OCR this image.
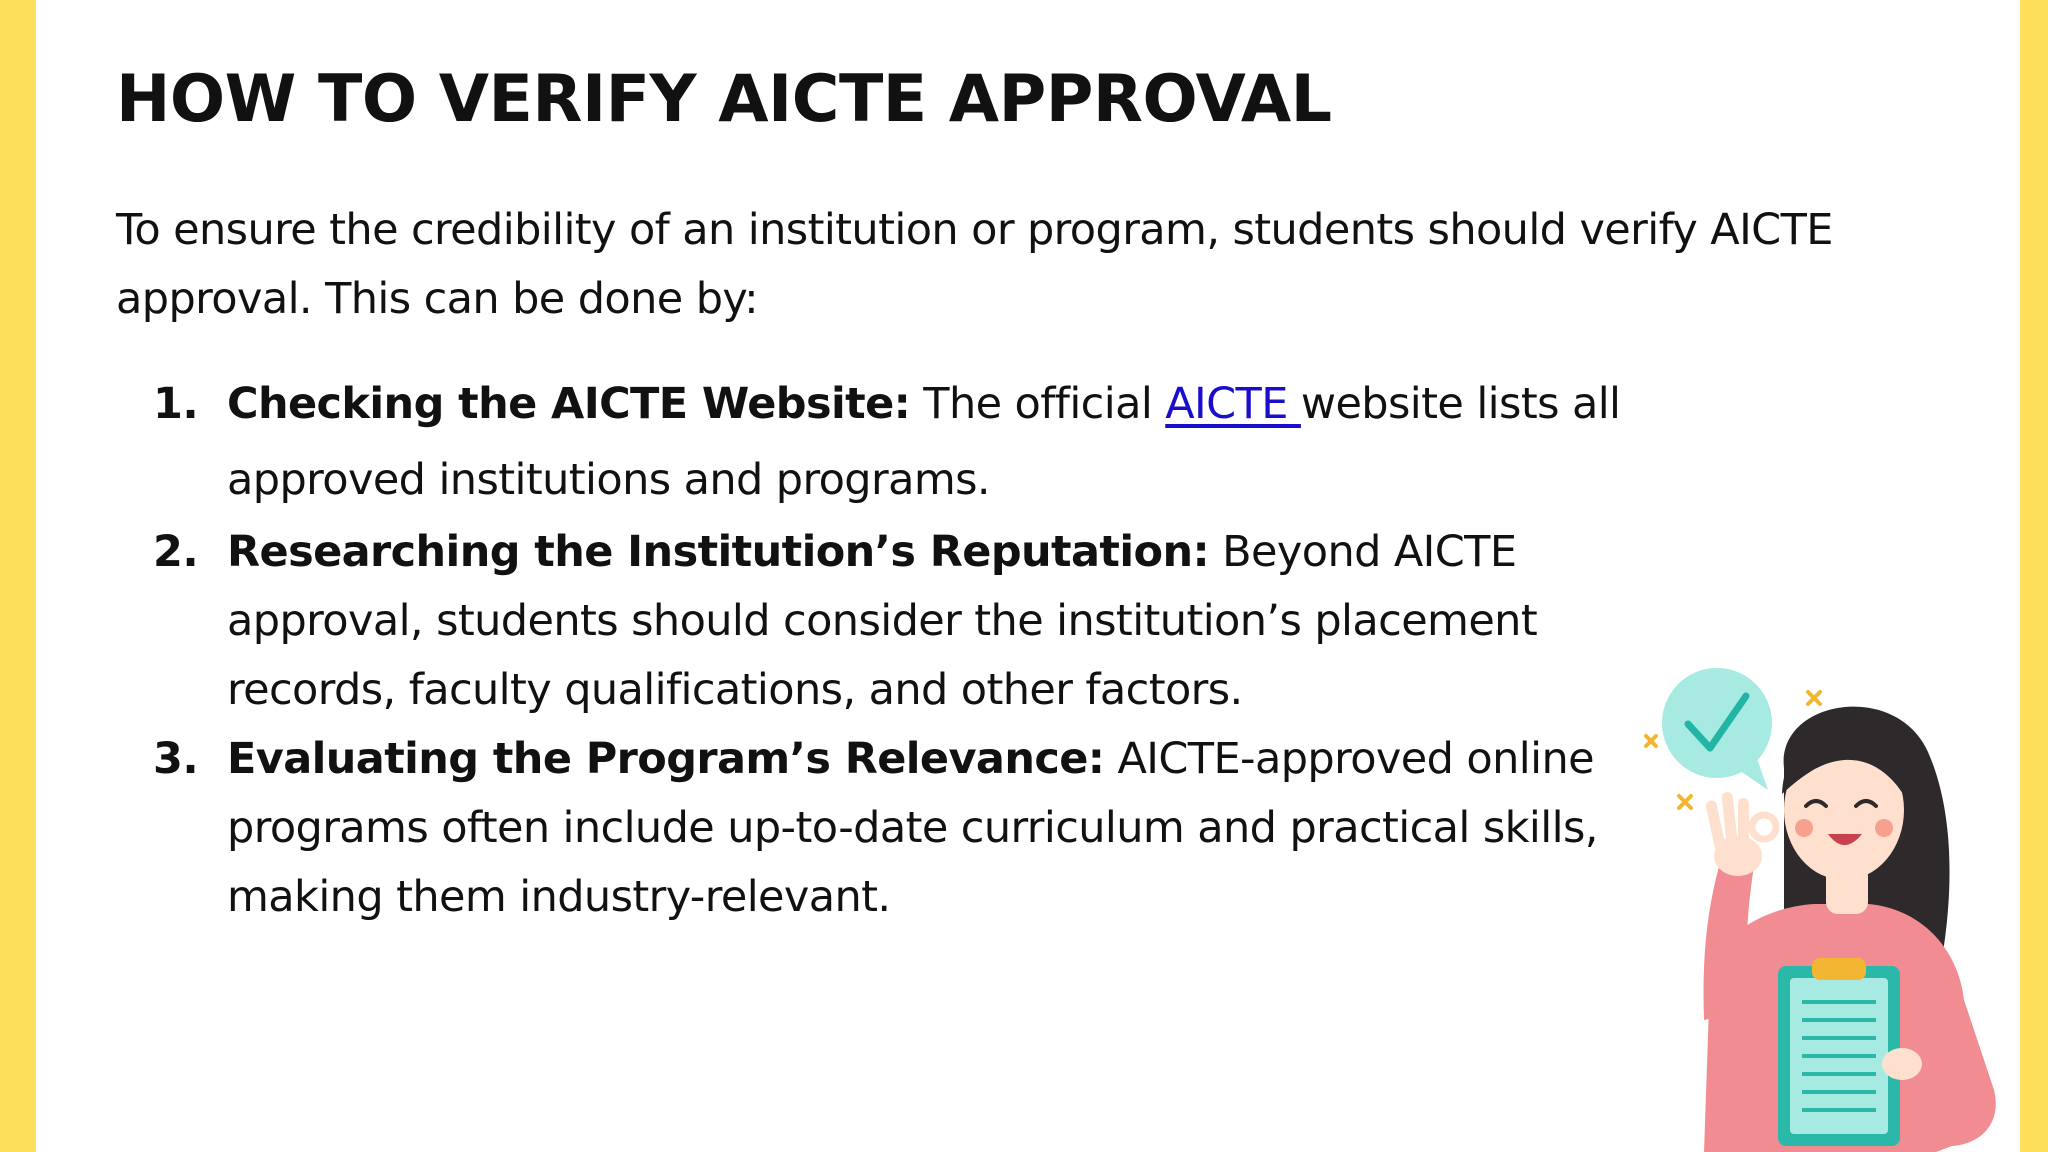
HOW TO VERIFY AICTE APPROVAL

To ensure the credibility of an institution or program, students should verify AICTE approval. This can be done by:

1. Checking the AICTE Website: The official AICTE website lists all approved institutions and programs.
2. Researching the Institution’s Reputation: Beyond AICTE approval, students should consider the institution’s placement records, faculty qualifications, and other factors.
3. Evaluating the Program’s Relevance: AICTE-approved online programs often include up-to-date curriculum and practical skills, making them industry-relevant.
